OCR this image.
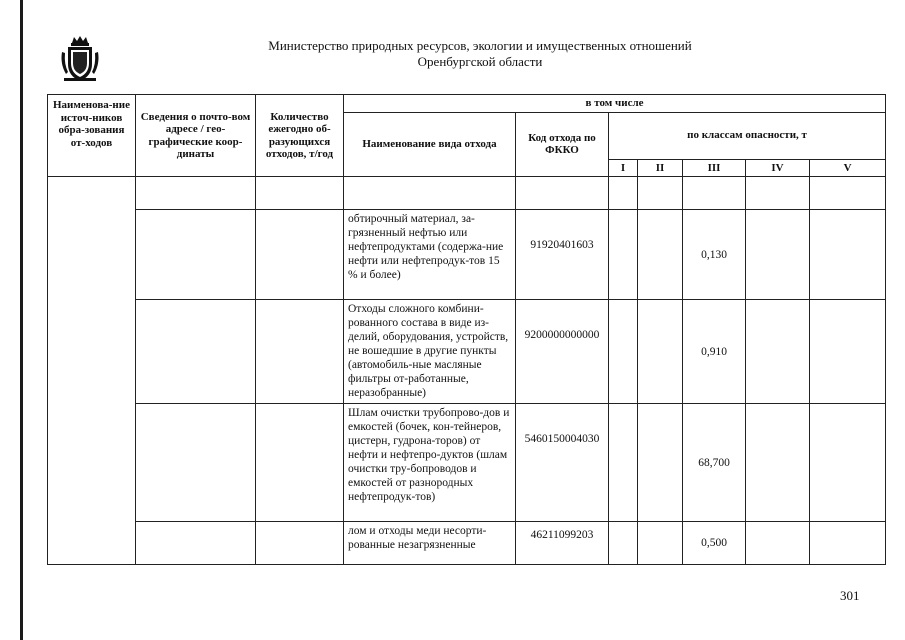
Министерство природных ресурсов, экологии и имущественных отношений
Оренбургской области
Наименова-ние источ-ников обра-зования от-ходов	Сведения о почто-вом адресе / гео-графические коор-динаты	Количество ежегодно об-разующихся отходов, т/год	в том числе						
			Наименование вида отхода	Код отхода по ФККО	по классам опасности, т				
					I	II	III	IV	V

			обтирочный материал, за-грязненный нефтью или нефтепродуктами (содержа-ние нефти или нефтепродук-тов 15 % и более)	91920401603			0,130		
			Отходы сложного комбини-рованного состава в виде из-делий, оборудования, устройств, не вошедшие в другие пункты (автомобиль-ные масляные фильтры от-работанные, неразобранные)	9200000000000			0,910		
			Шлам очистки трубопрово-дов и емкостей (бочек, кон-тейнеров, цистерн, гудрона-торов) от нефти и нефтепро-дуктов (шлам очистки тру-бопроводов и емкостей от разнородных нефтепродук-тов)	5460150004030			68,700		
			лом и отходы меди несорти-рованные незагрязненные	46211099203			0,500		
301
